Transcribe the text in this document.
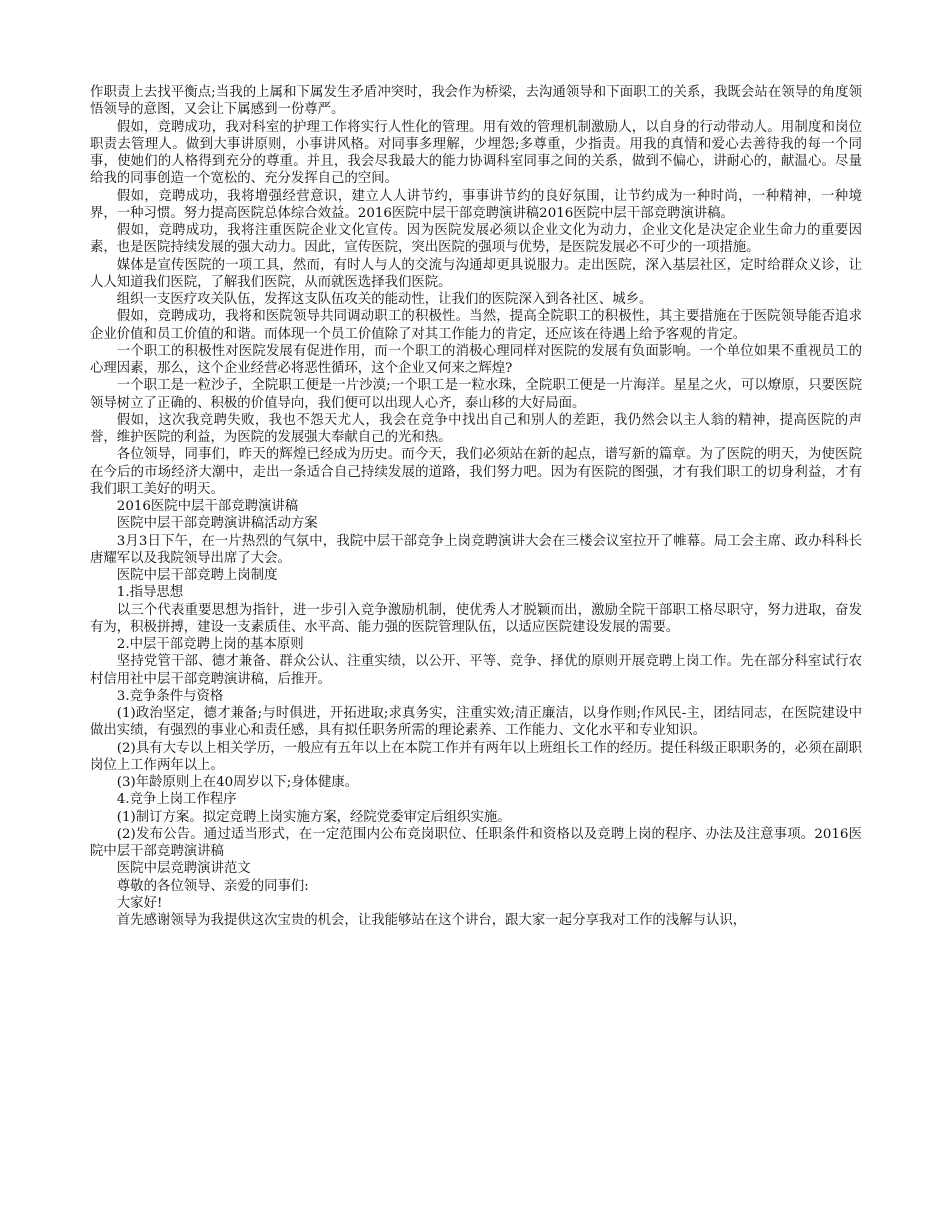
作职责上去找平衡点;当我的上属和下属发生矛盾冲突时，我会作为桥梁，去沟通领导和下面职工的关系，我既会站在领导的角度领悟领导的意图，又会让下属感到一份尊严。

假如，竞聘成功，我对科室的护理工作将实行人性化的管理。用有效的管理机制激励人，以自身的行动带动人。用制度和岗位职责去管理人。做到大事讲原则，小事讲风格。对同事多理解，少埋怨;多尊重，少指责。用我的真情和爱心去善待我的每一个同事，使她们的人格得到充分的尊重。并且，我会尽我最大的能力协调科室同事之间的关系，做到不偏心，讲耐心的，献温心。尽量给我的同事创造一个宽松的、充分发挥自己的空间。

假如，竞聘成功，我将增强经营意识，建立人人讲节约，事事讲节约的良好氛围，让节约成为一种时尚，一种精神，一种境界，一种习惯。努力提高医院总体综合效益。2016医院中层干部竞聘演讲稿2016医院中层干部竞聘演讲稿。

假如，竞聘成功，我将注重医院企业文化宣传。因为医院发展必须以企业文化为动力，企业文化是决定企业生命力的重要因素，也是医院持续发展的强大动力。因此，宣传医院，突出医院的强项与优势，是医院发展必不可少的一项措施。

媒体是宣传医院的一项工具，然而，有时人与人的交流与沟通却更具说服力。走出医院，深入基层社区，定时给群众义诊，让人人知道我们医院，了解我们医院，从而就医选择我们医院。

组织一支医疗攻关队伍，发挥这支队伍攻关的能动性，让我们的医院深入到各社区、城乡。

假如，竞聘成功，我将和医院领导共同调动职工的积极性。当然，提高全院职工的积极性，其主要措施在于医院领导能否追求企业价值和员工价值的和谐。而体现一个员工价值除了对其工作能力的肯定，还应该在待遇上给予客观的肯定。

一个职工的积极性对医院发展有促进作用，而一个职工的消极心理同样对医院的发展有负面影响。一个单位如果不重视员工的心理因素，那么，这个企业经营必将恶性循环，这个企业又何来之辉煌?

一个职工是一粒沙子，全院职工便是一片沙漠;一个职工是一粒水珠，全院职工便是一片海洋。星星之火，可以燎原，只要医院领导树立了正确的、积极的价值导向，我们便可以出现人心齐，泰山移的大好局面。

假如，这次我竞聘失败，我也不怨天尤人，我会在竞争中找出自己和别人的差距，我仍然会以主人翁的精神，提高医院的声誉，维护医院的利益，为医院的发展强大奉献自己的光和热。

各位领导，同事们，昨天的辉煌已经成为历史。而今天，我们必须站在新的起点，谱写新的篇章。为了医院的明天，为使医院在今后的市场经济大潮中，走出一条适合自己持续发展的道路，我们努力吧。因为有医院的图强，才有我们职工的切身利益，才有我们职工美好的明天。

2016医院中层干部竞聘演讲稿

医院中层干部竞聘演讲稿活动方案

3月3日下午，在一片热烈的气氛中，我院中层干部竞争上岗竞聘演讲大会在三楼会议室拉开了帷幕。局工会主席、政办科科长唐耀军以及我院领导出席了大会。

医院中层干部竞聘上岗制度

1.指导思想

以三个代表重要思想为指针，进一步引入竞争激励机制，使优秀人才脱颖而出，激励全院干部职工格尽职守，努力进取，奋发有为，积极拼搏，建设一支素质佳、水平高、能力强的医院管理队伍，以适应医院建设发展的需要。

2.中层干部竞聘上岗的基本原则

坚持党管干部、德才兼备、群众公认、注重实绩，以公开、平等、竞争、择优的原则开展竞聘上岗工作。先在部分科室试行农村信用社中层干部竞聘演讲稿，后推开。

3.竞争条件与资格

(1)政治坚定，德才兼备;与时俱进，开拓进取;求真务实，注重实效;清正廉洁，以身作则;作风民-主，团结同志，在医院建设中做出实绩，有强烈的事业心和责任感，具有拟任职务所需的理论素养、工作能力、文化水平和专业知识。

(2)具有大专以上相关学历，一般应有五年以上在本院工作并有两年以上班组长工作的经历。提任科级正职职务的，必须在副职岗位上工作两年以上。

(3)年龄原则上在40周岁以下;身体健康。

4.竞争上岗工作程序

(1)制订方案。拟定竞聘上岗实施方案，经院党委审定后组织实施。

(2)发布公告。通过适当形式，在一定范围内公布竞岗职位、任职条件和资格以及竞聘上岗的程序、办法及注意事项。2016医院中层干部竞聘演讲稿

医院中层竞聘演讲范文

尊敬的各位领导、亲爱的同事们:

大家好!

首先感谢领导为我提供这次宝贵的机会，让我能够站在这个讲台，跟大家一起分享我对工作的浅解与认识，
